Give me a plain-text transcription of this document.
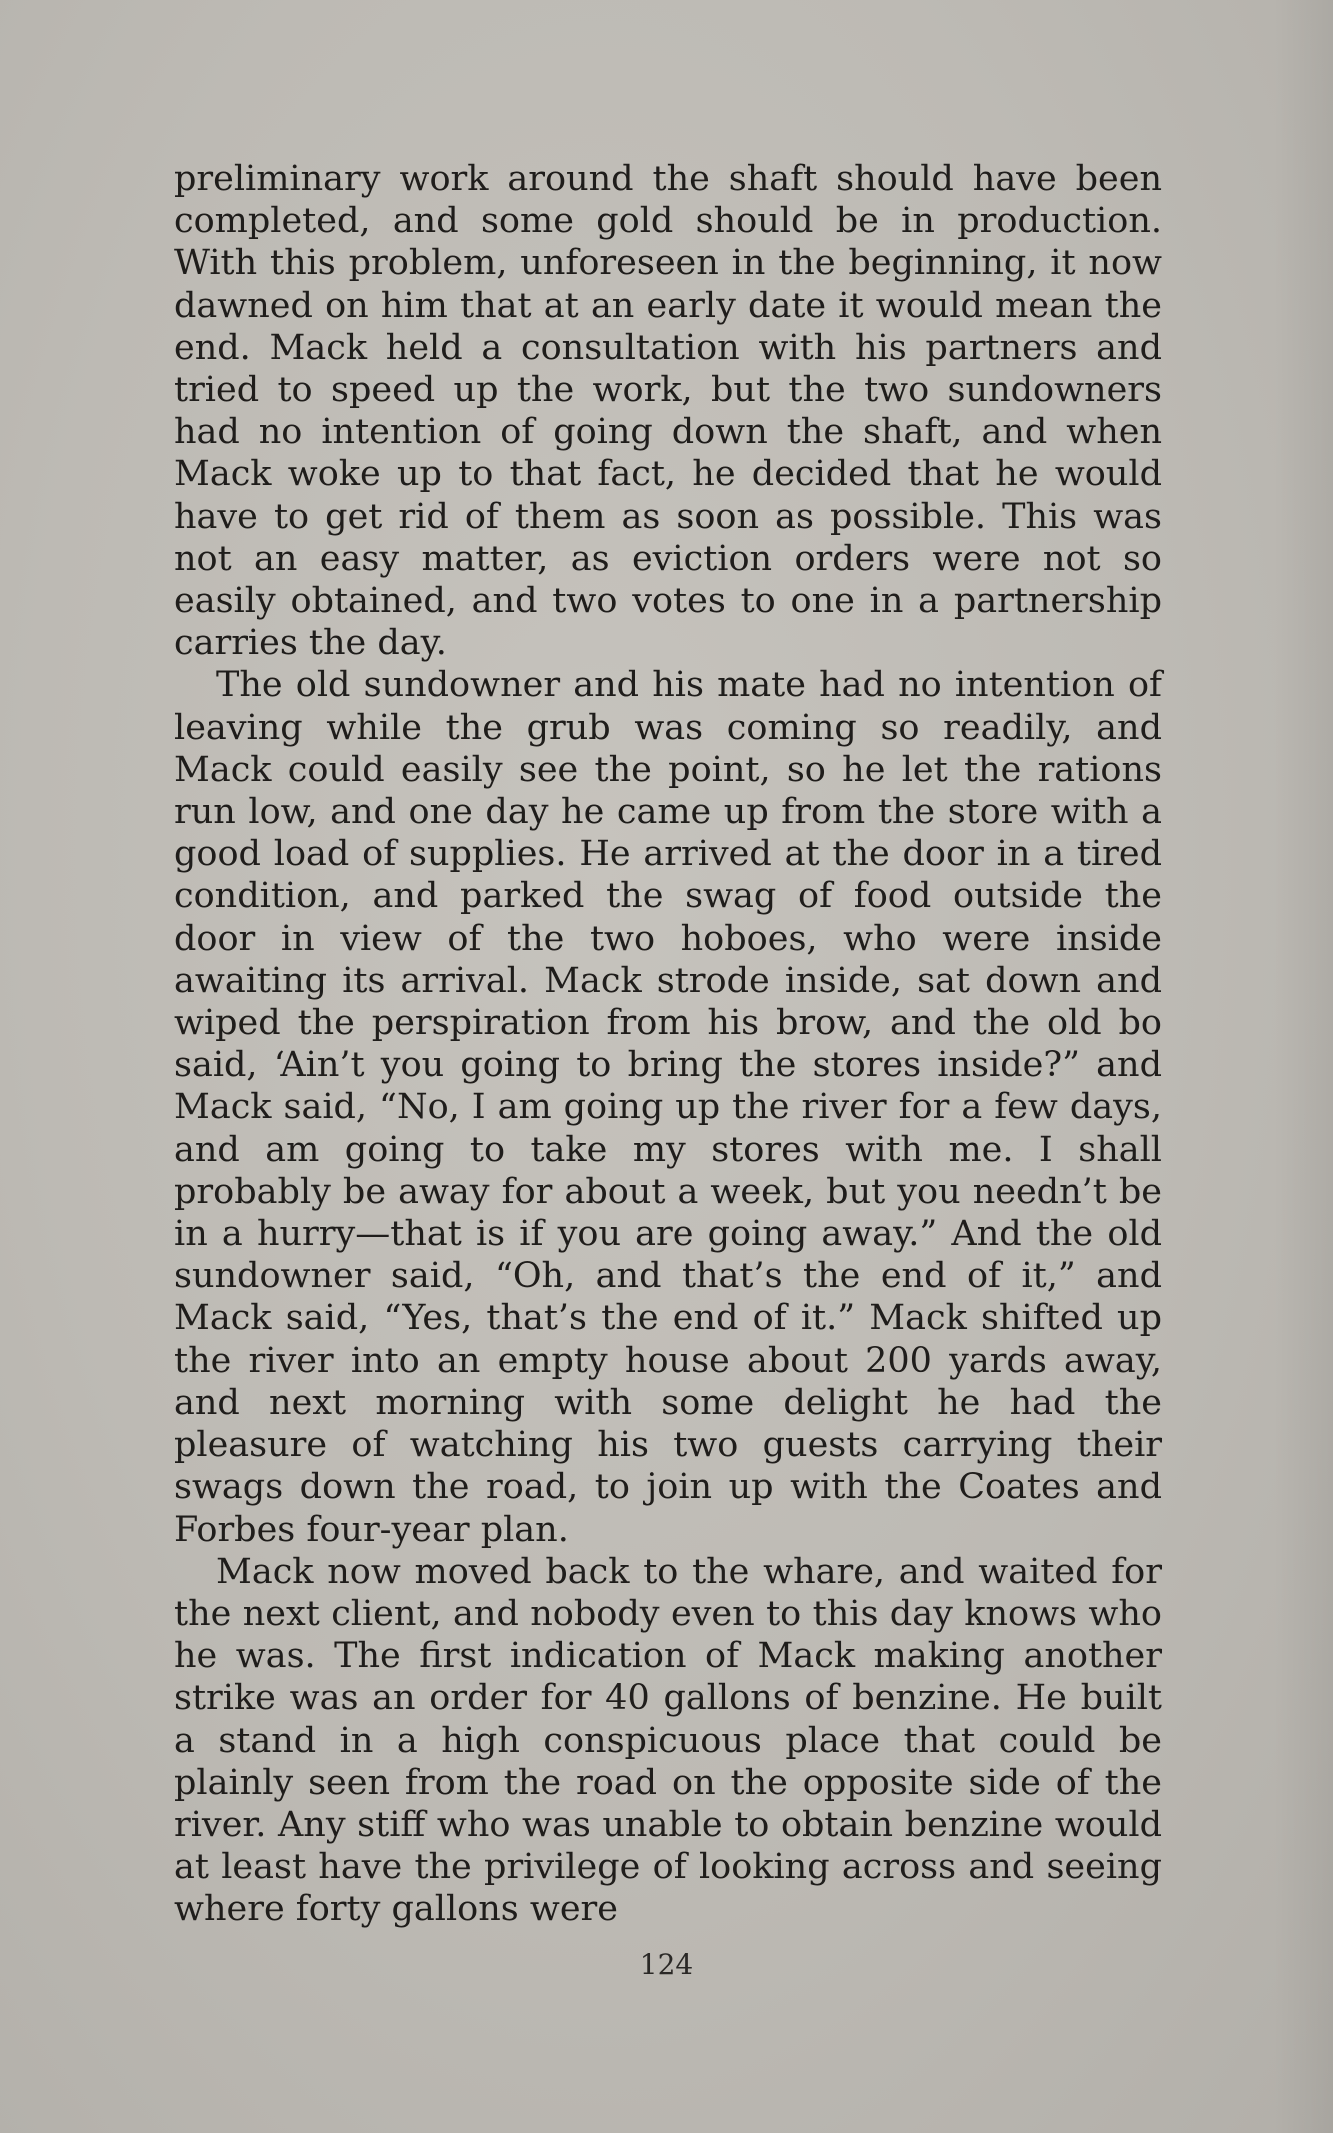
preliminary work around the shaft should have been completed, and some gold should be in production. With this problem, unforeseen in the beginning, it now dawned on him that at an early date it would mean the end. Mack held a consultation with his partners and tried to speed up the work, but the two sundowners had no intention of going down the shaft, and when Mack woke up to that fact, he decided that he would have to get rid of them as soon as possible. This was not an easy matter, as eviction orders were not so easily obtained, and two votes to one in a partnership carries the day.

The old sundowner and his mate had no intention of leaving while the grub was coming so readily, and Mack could easily see the point, so he let the rations run low, and one day he came up from the store with a good load of supplies. He arrived at the door in a tired condition, and parked the swag of food outside the door in view of the two hoboes, who were inside awaiting its arrival. Mack strode inside, sat down and wiped the perspiration from his brow, and the old bo said, ‘Ain’t you going to bring the stores inside?” and Mack said, “No, I am going up the river for a few days, and am going to take my stores with me. I shall probably be away for about a week, but you needn’t be in a hurry—that is if you are going away.” And the old sundowner said, “Oh, and that’s the end of it,” and Mack said, “Yes, that’s the end of it.” Mack shifted up the river into an empty house about 200 yards away, and next morning with some delight he had the pleasure of watching his two guests carrying their swags down the road, to join up with the Coates and Forbes four-year plan.

Mack now moved back to the whare, and waited for the next client, and nobody even to this day knows who he was. The first indication of Mack making another strike was an order for 40 gallons of benzine. He built a stand in a high conspicuous place that could be plainly seen from the road on the opposite side of the river. Any stiff who was unable to obtain benzine would at least have the privilege of looking across and seeing where forty gallons were

124
